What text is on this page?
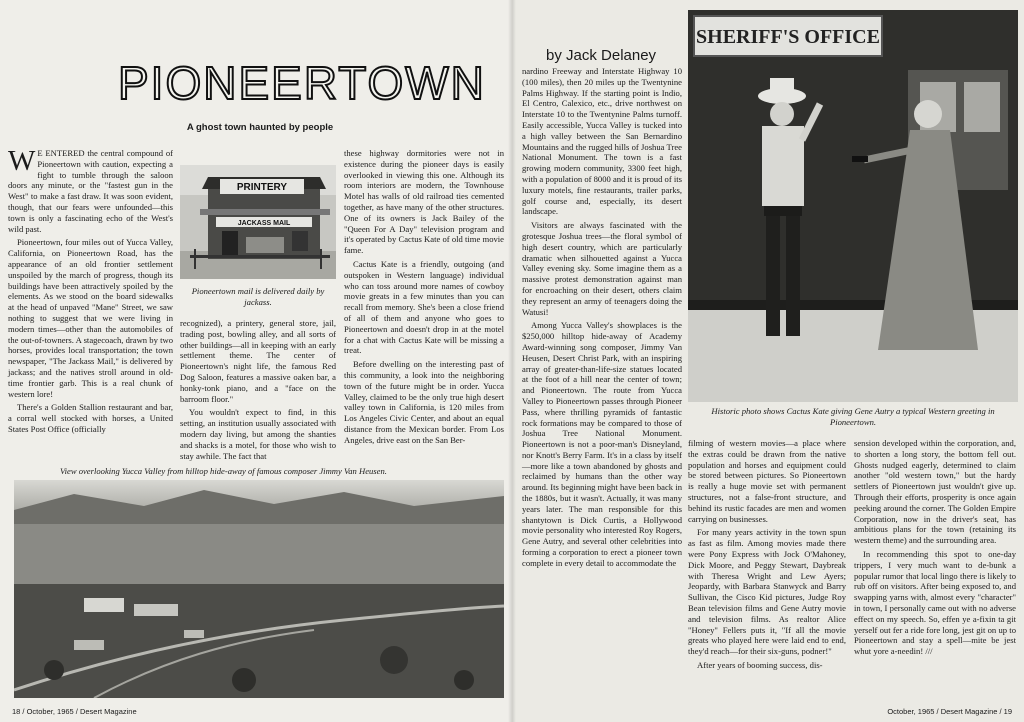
PIONEERTOWN
A ghost town haunted by people

W E ENTERED the central compound of Pioneertown with caution, expecting a fight to tumble through the saloon doors any minute, or the "fastest gun in the West" to make a fast draw. It was soon evident, though, that our fears were unfounded—this town is only a fascinating echo of the West's wild past.

Pioneertown, four miles out of Yucca Valley, California, on Pioneertown Road, has the appearance of an old frontier settlement unspoiled by the march of progress, though its buildings have been attractively spoiled by the elements. As we stood on the board sidewalks at the head of unpaved "Mane" Street, we saw nothing to suggest that we were living in modern times—other than the automobiles of the out-of-towners. A stagecoach, drawn by two horses, provides local transportation; the town newspaper, "The Jackass Mail," is delivered by jackass; and the natives stroll around in old-time frontier garb. This is a real chunk of western lore!

There's a Golden Stallion restaurant and bar, a corral well stocked with horses, a United States Post Office (officially

PRINTERY
JACKASS MAIL
Pioneertown mail is delivered daily by jackass.

recognized), a printery, general store, jail, trading post, bowling alley, and all sorts of other buildings—all in keeping with an early settlement theme. The center of Pioneertown's night life, the famous Red Dog Saloon, features a massive oaken bar, a honky-tonk piano, and a "face on the barroom floor."

You wouldn't expect to find, in this setting, an institution usually associated with modern day living, but among the shanties and shacks is a motel, for those who wish to stay awhile. The fact that

these highway dormitories were not in existence during the pioneer days is easily overlooked in viewing this one. Although its room interiors are modern, the Townhouse Motel has walls of old railroad ties cemented together, as have many of the other structures. One of its owners is Jack Bailey of the "Queen For A Day" television program and it's operated by Cactus Kate of old time movie fame.

Cactus Kate is a friendly, outgoing (and outspoken in Western language) individual who can toss around more names of cowboy movie greats in a few minutes than you can recall from memory. She's been a close friend of all of them and anyone who goes to Pioneertown and doesn't drop in at the motel for a chat with Cactus Kate will be missing a treat.

Before dwelling on the interesting past of this community, a look into the neighboring town of the future might be in order. Yucca Valley, claimed to be the only true high desert valley town in California, is 120 miles from Los Angeles Civic Center, and about an equal distance from the Mexican border. From Los Angeles, drive east on the San Ber-

View overlooking Yucca Valley from hilltop hide-away of famous composer Jimmy Van Heusen.
18 / October, 1965 / Desert Magazine
by Jack Delaney
SHERIFF'S OFFICE
Historic photo shows Cactus Kate giving Gene Autry a typical Western greeting in Pioneertown.

nardino Freeway and Interstate Highway 10 (100 miles), then 20 miles up the Twentynine Palms Highway. If the starting point is Indio, El Centro, Calexico, etc., drive northwest on Interstate 10 to the Twentynine Palms turnoff. Easily accessible, Yucca Valley is tucked into a high valley between the San Bernardino Mountains and the rugged hills of Joshua Tree National Monument. The town is a fast growing modern community, 3300 feet high, with a population of 8000 and it is proud of its luxury motels, fine restaurants, trailer parks, golf course and, especially, its desert landscape.

Visitors are always fascinated with the grotesque Joshua trees—the floral symbol of high desert country, which are particularly dramatic when silhouetted against a Yucca Valley evening sky. Some imagine them as a massive protest demonstration against man for encroaching on their desert, others claim they represent an army of teenagers doing the Watusi!

Among Yucca Valley's showplaces is the $250,000 hilltop hide-away of Academy Award-winning song composer, Jimmy Van Heusen, Desert Christ Park, with an inspiring array of greater-than-life-size statues located at the foot of a hill near the center of town; and Pioneertown. The route from Yucca Valley to Pioneertown passes through Pioneer Pass, where thrilling pyramids of fantastic rock formations may be compared to those of Joshua Tree National Monument. Pioneertown is not a poor-man's Disneyland, nor Knott's Berry Farm. It's in a class by itself—more like a town abandoned by ghosts and reclaimed by humans than the other way around. Its beginning might have been back in the 1880s, but it wasn't. Actually, it was many years later. The man responsible for this shantytown is Dick Curtis, a Hollywood movie personality who interested Roy Rogers, Gene Autry, and several other celebrities into forming a corporation to erect a pioneer town complete in every detail to accommodate the

filming of western movies—a place where the extras could be drawn from the native population and horses and equipment could be stored between pictures. So Pioneertown is really a huge movie set with permanent structures, not a false-front structure, and behind its rustic facades are men and women carrying on businesses.

For many years activity in the town spun as fast as film. Among movies made there were Pony Express with Jock O'Mahoney, Dick Moore, and Peggy Stewart, Daybreak with Theresa Wright and Lew Ayers; Jeopardy, with Barbara Stanwyck and Barry Sullivan, the Cisco Kid pictures, Judge Roy Bean television films and Gene Autry movie and television films. As realtor Alice "Honey" Fellers puts it, "If all the movie greats who played here were laid end to end, they'd reach—for their six-guns, podner!"

After years of booming success, dis-

sension developed within the corporation, and, to shorten a long story, the bottom fell out. Ghosts nudged eagerly, determined to claim another "old western town," but the hardy settlers of Pioneertown just wouldn't give up. Through their efforts, prosperity is once again peeking around the corner. The Golden Empire Corporation, now in the driver's seat, has ambitious plans for the town (retaining its western theme) and the surrounding area.

In recommending this spot to one-day trippers, I very much want to de-bunk a popular rumor that local lingo there is likely to rub off on visitors. After being exposed to, and swapping yarns with, almost every "character" in town, I personally came out with no adverse effect on my speech. So, effen ye a-fixin ta git yerself out fer a ride fore long, jest git on up to Pioneertown and stay a spell—mite be jest whut yore a-needin! ///

October, 1965 / Desert Magazine / 19
